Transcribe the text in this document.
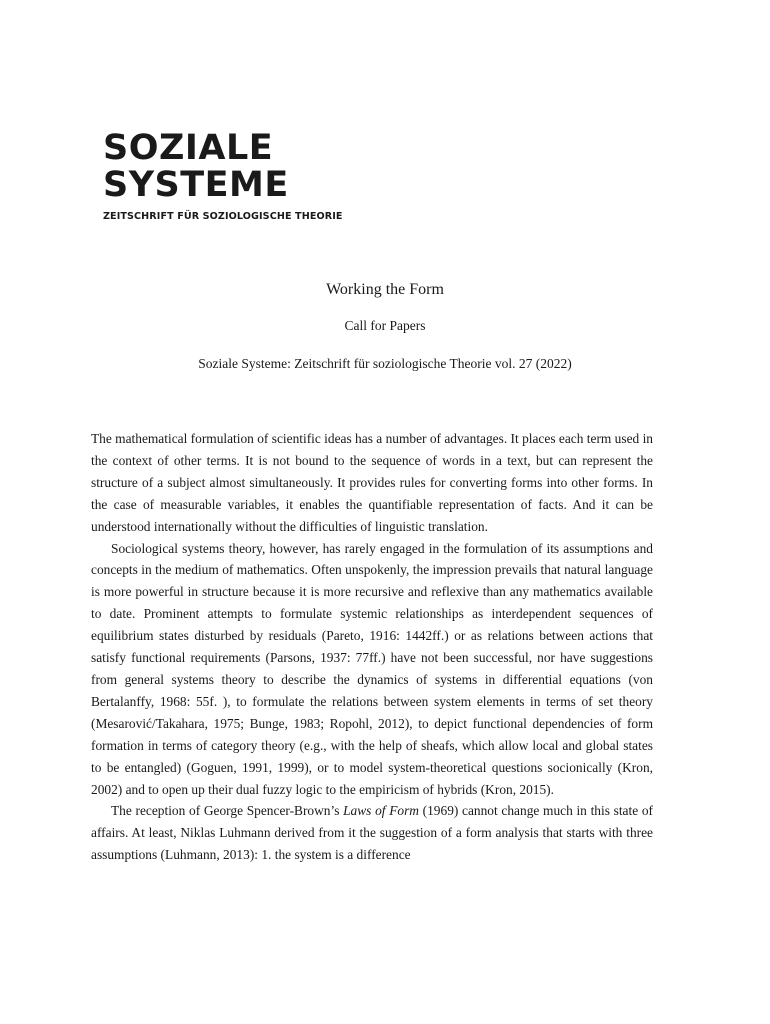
SOZIALE
SYSTEME
ZEITSCHRIFT FÜR SOZIOLOGISCHE THEORIE
Working the Form
Call for Papers
Soziale Systeme: Zeitschrift für soziologische Theorie vol. 27 (2022)

The mathematical formulation of scientific ideas has a number of advantages. It places each term used in the context of other terms. It is not bound to the sequence of words in a text, but can represent the structure of a subject almost simultaneously. It provides rules for converting forms into other forms. In the case of measurable variables, it enables the quantifiable representation of facts. And it can be understood internationally without the difficulties of linguistic translation.

Sociological systems theory, however, has rarely engaged in the formulation of its assumptions and concepts in the medium of mathematics. Often unspokenly, the impression prevails that natural language is more powerful in structure because it is more recursive and reflexive than any mathematics available to date. Prominent attempts to formulate systemic relationships as interdependent sequences of equilibrium states disturbed by residuals (Pareto, 1916: 1442ff.) or as relations between actions that satisfy functional requirements (Parsons, 1937: 77ff.) have not been successful, nor have suggestions from general systems theory to describe the dynamics of systems in differential equations (von Bertalanffy, 1968: 55f. ), to formulate the relations between system elements in terms of set theory (Mesarović/Takahara, 1975; Bunge, 1983; Ropohl, 2012), to depict functional dependencies of form formation in terms of category theory (e.g., with the help of sheafs, which allow local and global states to be entangled) (Goguen, 1991, 1999), or to model system-theoretical questions socionically (Kron, 2002) and to open up their dual fuzzy logic to the empiricism of hybrids (Kron, 2015).

The reception of George Spencer-Brown’s Laws of Form (1969) cannot change much in this state of affairs. At least, Niklas Luhmann derived from it the suggestion of a form analysis that starts with three assumptions (Luhmann, 2013): 1. the system is a difference
